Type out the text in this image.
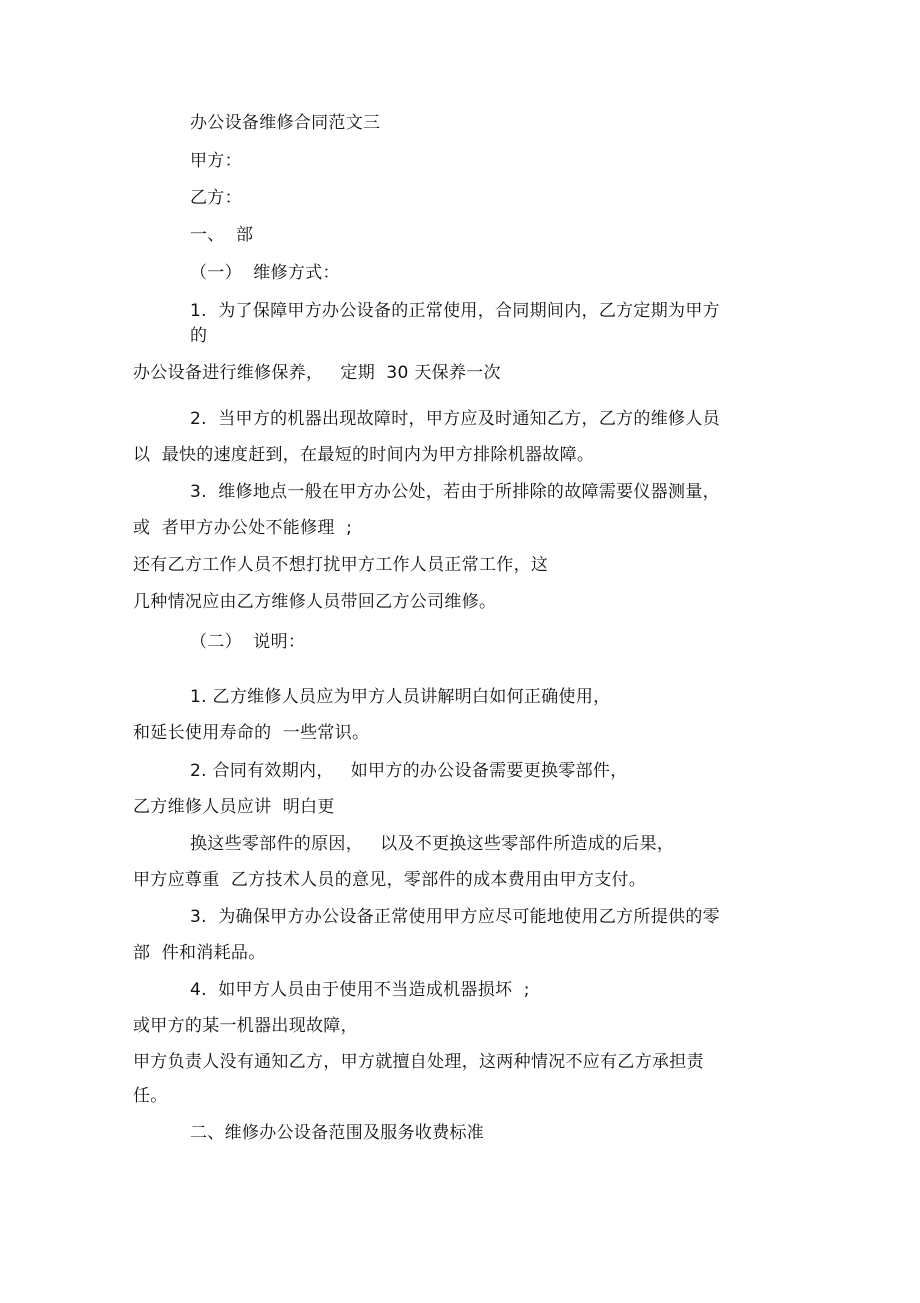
办公设备维修合同范文三
甲方：
乙方：
一、  部
（一）  维修方式：
1.  为了保障甲方办公设备的正常使用，合同期间内，乙方定期为甲方
的
办公设备进行维修保养，   定期  30 天保养一次
2.  当甲方的机器出现故障时，甲方应及时通知乙方，乙方的维修人员
以  最快的速度赶到，在最短的时间内为甲方排除机器故障。
3.  维修地点一般在甲方办公处，若由于所排除的故障需要仪器测量，
或  者甲方办公处不能修理  ;
还有乙方工作人员不想打扰甲方工作人员正常工作，这
几种情况应由乙方维修人员带回乙方公司维修。
（二）  说明：
1. 乙方维修人员应为甲方人员讲解明白如何正确使用，
和延长使用寿命的  一些常识。
2. 合同有效期内，   如甲方的办公设备需要更换零部件，
乙方维修人员应讲  明白更
换这些零部件的原因，   以及不更换这些零部件所造成的后果，
甲方应尊重  乙方技术人员的意见，零部件的成本费用由甲方支付。
3.  为确保甲方办公设备正常使用甲方应尽可能地使用乙方所提供的零
部  件和消耗品。
4.  如甲方人员由于使用不当造成机器损坏  ;
或甲方的某一机器出现故障，
甲方负责人没有通知乙方，甲方就擅自处理，这两种情况不应有乙方承担责
任。
二、维修办公设备范围及服务收费标准
